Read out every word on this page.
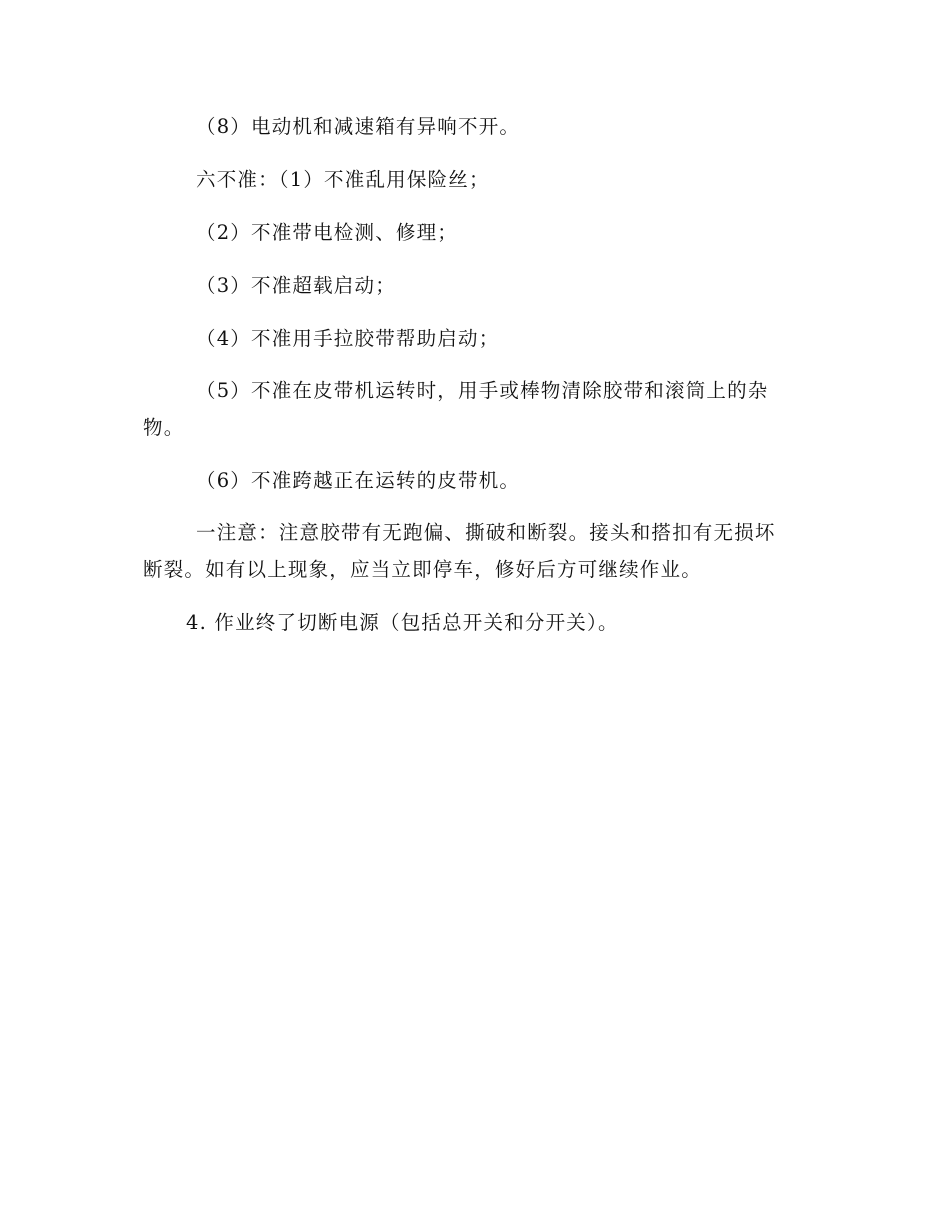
（8）电动机和减速箱有异响不开。
六不准：（1）不准乱用保险丝；
（2）不准带电检测、修理；
（3）不准超载启动；
（4）不准用手拉胶带帮助启动；
（5）不准在皮带机运转时，用手或棒物清除胶带和滚筒上的杂
物。
（6）不准跨越正在运转的皮带机。
一注意：注意胶带有无跑偏、撕破和断裂。接头和搭扣有无损坏
断裂。如有以上现象，应当立即停车，修好后方可继续作业。
4. 作业终了切断电源（包括总开关和分开关）。
